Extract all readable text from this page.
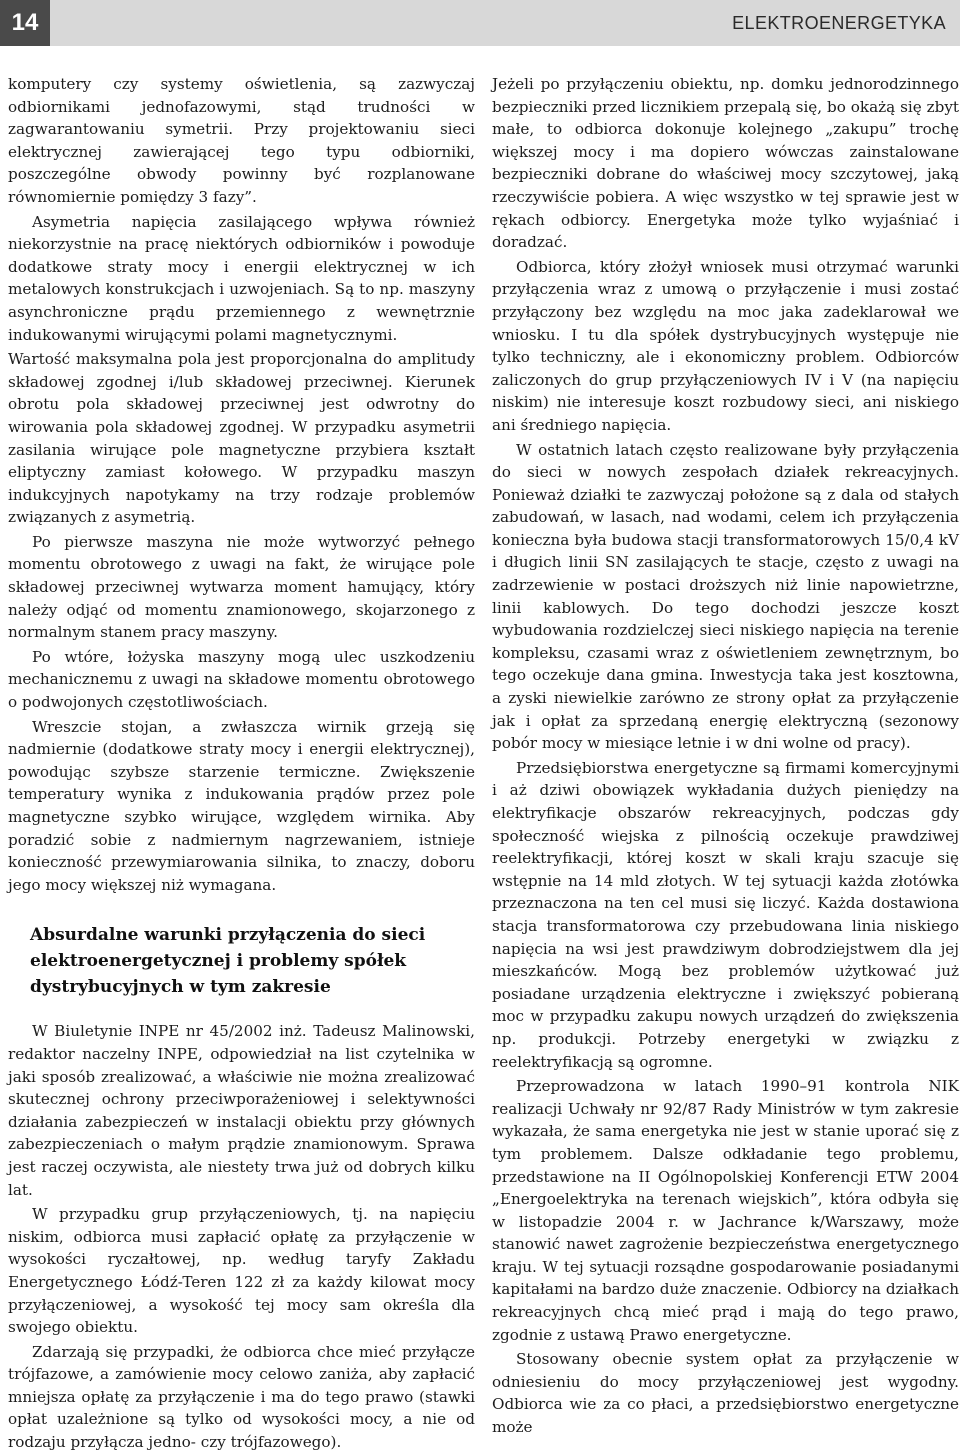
14	ELEKTROENERGETYKA

komputery czy systemy oświetlenia, są zazwyczaj odbiornikami jednofazowymi, stąd trudności w zagwarantowaniu symetrii. Przy projektowaniu sieci elektrycznej zawierającej tego typu odbiorniki, poszczególne obwody powinny być rozplanowane równomiernie pomiędzy 3 fazy”.

Asymetria napięcia zasilającego wpływa również niekorzystnie na pracę niektórych odbiorników i powoduje dodatkowe straty mocy i energii elektrycznej w ich metalowych konstrukcjach i uzwojeniach. Są to np. maszyny asynchroniczne prądu przemiennego z wewnętrznie indukowanymi wirującymi polami magnetycznymi.

Wartość maksymalna pola jest proporcjonalna do amplitudy składowej zgodnej i/lub składowej przeciwnej. Kierunek obrotu pola składowej przeciwnej jest odwrotny do wirowania pola składowej zgodnej. W przypadku asymetrii zasilania wirujące pole magnetyczne przybiera kształt eliptyczny zamiast kołowego. W przypadku maszyn indukcyjnych napotykamy na trzy rodzaje problemów związanych z asymetrią.

Po pierwsze maszyna nie może wytworzyć pełnego momentu obrotowego z uwagi na fakt, że wirujące pole składowej przeciwnej wytwarza moment hamujący, który należy odjąć od momentu znamionowego, skojarzonego z normalnym stanem pracy maszyny.

Po wtóre, łożyska maszyny mogą ulec uszkodzeniu mechanicznemu z uwagi na składowe momentu obrotowego o podwojonych częstotliwościach.

Wreszcie stojan, a zwłaszcza wirnik grzeją się nadmiernie (dodatkowe straty mocy i energii elektrycznej), powodując szybsze starzenie termiczne. Zwiększenie temperatury wynika z indukowania prądów przez pole magnetyczne szybko wirujące, względem wirnika. Aby poradzić sobie z nadmiernym nagrzewaniem, istnieje konieczność przewymiarowania silnika, to znaczy, doboru jego mocy większej niż wymagana.

Absurdalne warunki przyłączenia do sieci elektroenergetycznej i problemy spółek dystrybucyjnych w tym zakresie

W Biuletynie INPE nr 45/2002 inż. Tadeusz Malinowski, redaktor naczelny INPE, odpowiedział na list czytelnika w jaki sposób zrealizować, a właściwie nie można zrealizować skutecznej ochrony przeciwporażeniowej i selektywności działania zabezpieczeń w instalacji obiektu przy głównych zabezpieczeniach o małym prądzie znamionowym. Sprawa jest raczej oczywista, ale niestety trwa już od dobrych kilku lat.

W przypadku grup przyłączeniowych, tj. na napięciu niskim, odbiorca musi zapłacić opłatę za przyłączenie w wysokości ryczałtowej, np. według taryfy Zakładu Energetycznego Łódź-Teren 122 zł za każdy kilowat mocy przyłączeniowej, a wysokość tej mocy sam określa dla swojego obiektu.

Zdarzają się przypadki, że odbiorca chce mieć przyłącze trójfazowe, a zamówienie mocy celowo zaniża, aby zapłacić mniejsza opłatę za przyłączenie i ma do tego prawo (stawki opłat uzależnione są tylko od wysokości mocy, a nie od rodzaju przyłącza jedno- czy trójfazowego).

Jeżeli po przyłączeniu obiektu, np. domku jednorodzinnego bezpieczniki przed licznikiem przepalą się, bo okażą się zbyt małe, to odbiorca dokonuje kolejnego „zakupu” trochę większej mocy i ma dopiero wówczas zainstalowane bezpieczniki dobrane do właściwej mocy szczytowej, jaką rzeczywiście pobiera. A więc wszystko w tej sprawie jest w rękach odbiorcy. Energetyka może tylko wyjaśniać i doradzać.

Odbiorca, który złożył wniosek musi otrzymać warunki przyłączenia wraz z umową o przyłączenie i musi zostać przyłączony bez względu na moc jaka zadeklarował we wniosku. I tu dla spółek dystrybucyjnych występuje nie tylko techniczny, ale i ekonomiczny problem. Odbiorców zaliczonych do grup przyłączeniowych IV i V (na napięciu niskim) nie interesuje koszt rozbudowy sieci, ani niskiego ani średniego napięcia.

W ostatnich latach często realizowane były przyłączenia do sieci w nowych zespołach działek rekreacyjnych. Ponieważ działki te zazwyczaj położone są z dala od stałych zabudowań, w lasach, nad wodami, celem ich przyłączenia konieczna była budowa stacji transformatorowych 15/0,4 kV i długich linii SN zasilających te stacje, często z uwagi na zadrzewienie w postaci droższych niż linie napowietrzne, linii kablowych. Do tego dochodzi jeszcze koszt wybudowania rozdzielczej sieci niskiego napięcia na terenie kompleksu, czasami wraz z oświetleniem zewnętrznym, bo tego oczekuje dana gmina. Inwestycja taka jest kosztowna, a zyski niewielkie zarówno ze strony opłat za przyłączenie jak i opłat za sprzedaną energię elektryczną (sezonowy pobór mocy w miesiące letnie i w dni wolne od pracy).

Przedsiębiorstwa energetyczne są firmami komercyjnymi i aż dziwi obowiązek wykładania dużych pieniędzy na elektryfikacje obszarów rekreacyjnych, podczas gdy społeczność wiejska z pilnością oczekuje prawdziwej reelektryfikacji, której koszt w skali kraju szacuje się wstępnie na 14 mld złotych. W tej sytuacji każda złotówka przeznaczona na ten cel musi się liczyć. Każda dostawiona stacja transformatorowa czy przebudowana linia niskiego napięcia na wsi jest prawdziwym dobrodziejstwem dla jej mieszkańców. Mogą bez problemów użytkować już posiadane urządzenia elektryczne i zwiększyć pobieraną moc w przypadku zakupu nowych urządzeń do zwiększenia np. produkcji. Potrzeby energetyki w związku z reelektryfikacją są ogromne.

Przeprowadzona w latach 1990–91 kontrola NIK realizacji Uchwały nr 92/87 Rady Ministrów w tym zakresie wykazała, że sama energetyka nie jest w stanie uporać się z tym problemem. Dalsze odkładanie tego problemu, przedstawione na II Ogólnopolskiej Konferencji ETW 2004 „Energoelektryka na terenach wiejskich”, która odbyła się w listopadzie 2004 r. w Jachrance k/Warszawy, może stanowić nawet zagrożenie bezpieczeństwa energetycznego kraju. W tej sytuacji rozsądne gospodarowanie posiadanymi kapitałami na bardzo duże znaczenie. Odbiorcy na działkach rekreacyjnych chcą mieć prąd i mają do tego prawo, zgodnie z ustawą Prawo energetyczne.

Stosowany obecnie system opłat za przyłączenie w odniesieniu do mocy przyłączeniowej jest wygodny. Odbiorca wie za co płaci, a przedsiębiorstwo energetyczne może
